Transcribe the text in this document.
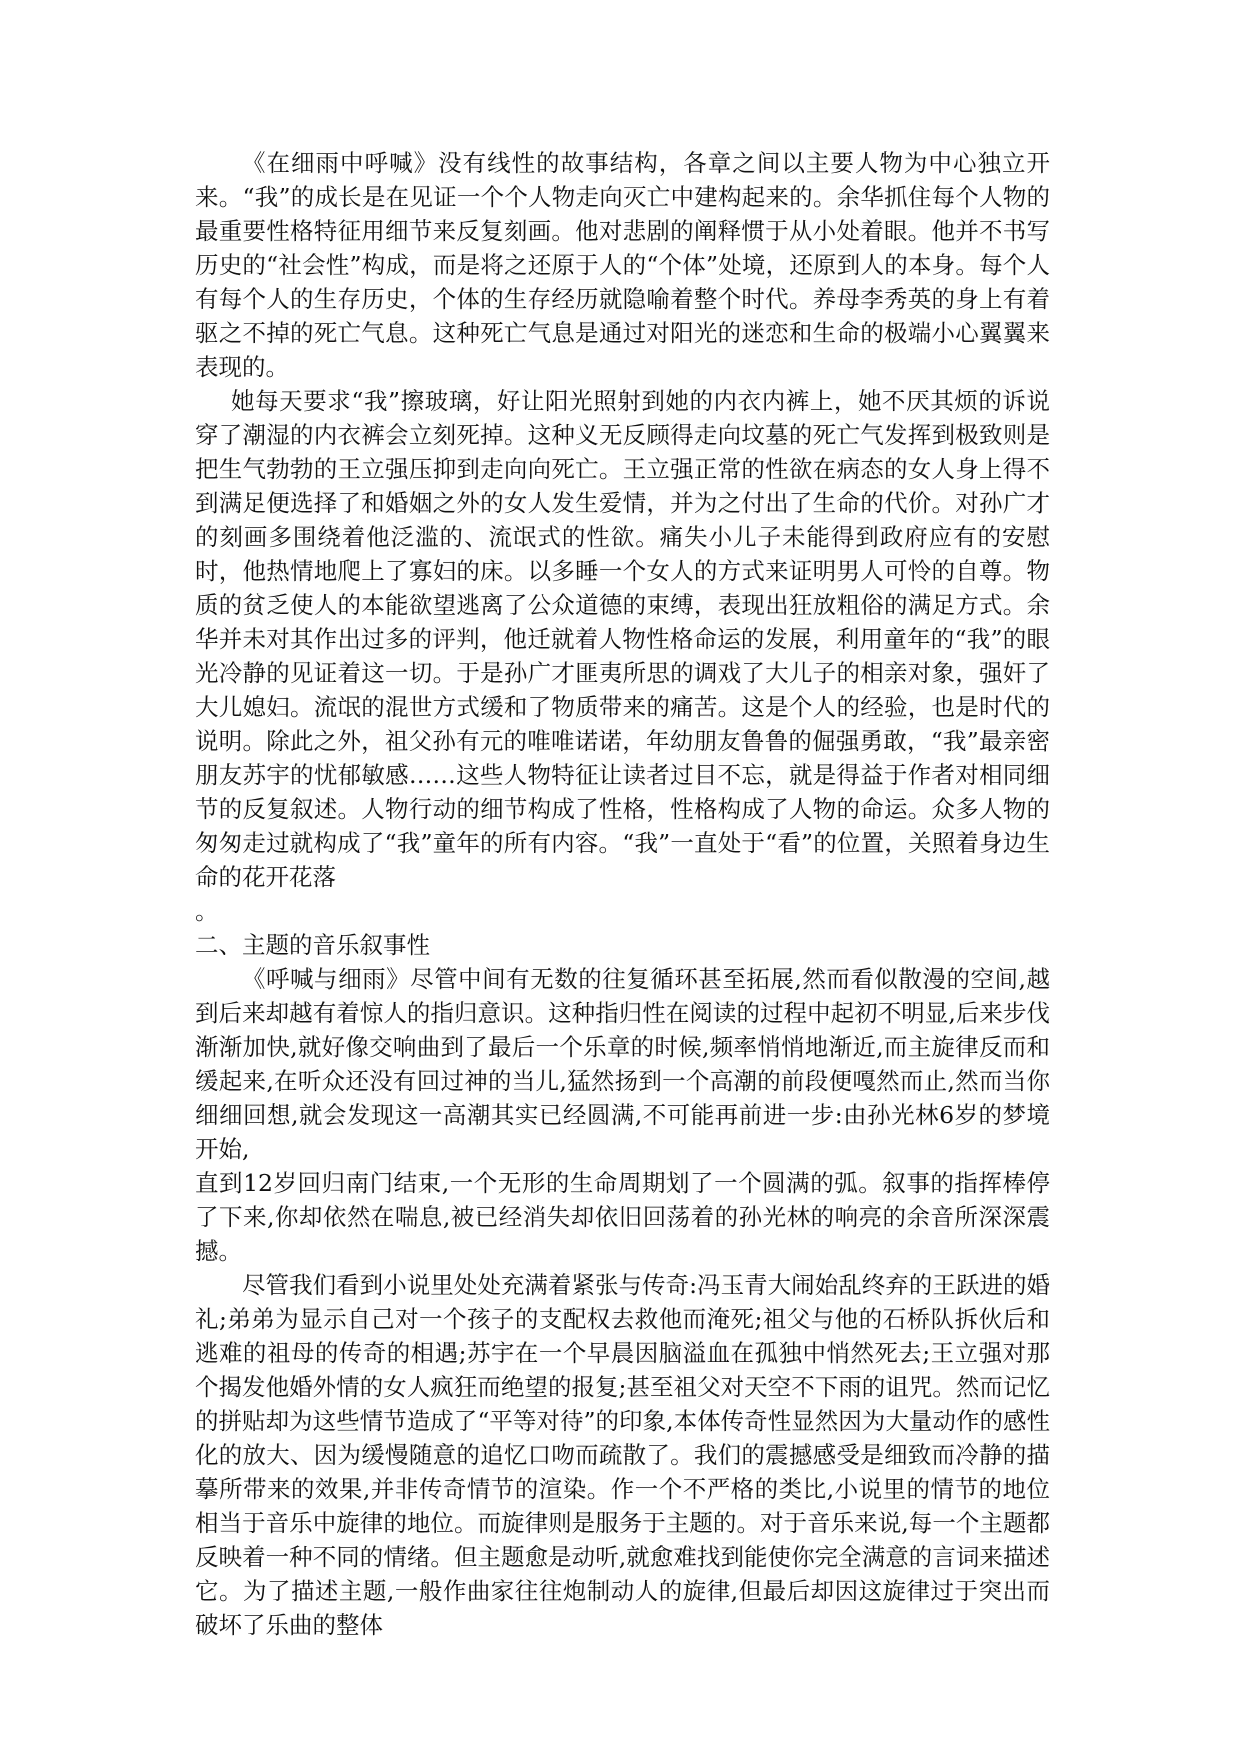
《在细雨中呼喊》没有线性的故事结构，各章之间以主要人物为中心独立开来。“我”的成长是在见证一个个人物走向灭亡中建构起来的。余华抓住每个人物的最重要性格特征用细节来反复刻画。他对悲剧的阐释惯于从小处着眼。他并不书写历史的“社会性”构成，而是将之还原于人的“个体”处境，还原到人的本身。每个人有每个人的生存历史，个体的生存经历就隐喻着整个时代。养母李秀英的身上有着驱之不掉的死亡气息。这种死亡气息是通过对阳光的迷恋和生命的极端小心翼翼来表现的。

她每天要求“我”擦玻璃，好让阳光照射到她的内衣内裤上，她不厌其烦的诉说穿了潮湿的内衣裤会立刻死掉。这种义无反顾得走向坟墓的死亡气发挥到极致则是把生气勃勃的王立强压抑到走向向死亡。王立强正常的性欲在病态的女人身上得不到满足便选择了和婚姻之外的女人发生爱情，并为之付出了生命的代价。对孙广才的刻画多围绕着他泛滥的、流氓式的性欲。痛失小儿子未能得到政府应有的安慰时，他热情地爬上了寡妇的床。以多睡一个女人的方式来证明男人可怜的自尊。物质的贫乏使人的本能欲望逃离了公众道德的束缚，表现出狂放粗俗的满足方式。余华并未对其作出过多的评判，他迁就着人物性格命运的发展，利用童年的“我”的眼光冷静的见证着这一切。于是孙广才匪夷所思的调戏了大儿子的相亲对象，强奸了大儿媳妇。流氓的混世方式缓和了物质带来的痛苦。这是个人的经验，也是时代的说明。除此之外，祖父孙有元的唯唯诺诺，年幼朋友鲁鲁的倔强勇敢，“我”最亲密朋友苏宇的忧郁敏感……这些人物特征让读者过目不忘，就是得益于作者对相同细节的反复叙述。人物行动的细节构成了性格，性格构成了人物的命运。众多人物的匆匆走过就构成了“我”童年的所有内容。“我”一直处于“看”的位置，关照着身边生命的花开花落

。

二、主题的音乐叙事性

《呼喊与细雨》尽管中间有无数的往复循环甚至拓展,然而看似散漫的空间,越到后来却越有着惊人的指归意识。这种指归性在阅读的过程中起初不明显,后来步伐渐渐加快,就好像交响曲到了最后一个乐章的时候,频率悄悄地渐近,而主旋律反而和缓起来,在听众还没有回过神的当儿,猛然扬到一个高潮的前段便嘎然而止,然而当你细细回想,就会发现这一高潮其实已经圆满,不可能再前进一步:由孙光林6岁的梦境开始,

直到12岁回归南门结束,一个无形的生命周期划了一个圆满的弧。叙事的指挥棒停了下来,你却依然在喘息,被已经消失却依旧回荡着的孙光林的响亮的余音所深深震撼。

尽管我们看到小说里处处充满着紧张与传奇:冯玉青大闹始乱终弃的王跃进的婚礼;弟弟为显示自己对一个孩子的支配权去救他而淹死;祖父与他的石桥队拆伙后和逃难的祖母的传奇的相遇;苏宇在一个早晨因脑溢血在孤独中悄然死去;王立强对那个揭发他婚外情的女人疯狂而绝望的报复;甚至祖父对天空不下雨的诅咒。然而记忆的拼贴却为这些情节造成了“平等对待”的印象,本体传奇性显然因为大量动作的感性化的放大、因为缓慢随意的追忆口吻而疏散了。我们的震撼感受是细致而冷静的描摹所带来的效果,并非传奇情节的渲染。作一个不严格的类比,小说里的情节的地位相当于音乐中旋律的地位。而旋律则是服务于主题的。对于音乐来说,每一个主题都反映着一种不同的情绪。但主题愈是动听,就愈难找到能使你完全满意的言词来描述它。为了描述主题,一般作曲家往往炮制动人的旋律,但最后却因这旋律过于突出而破坏了乐曲的整体
